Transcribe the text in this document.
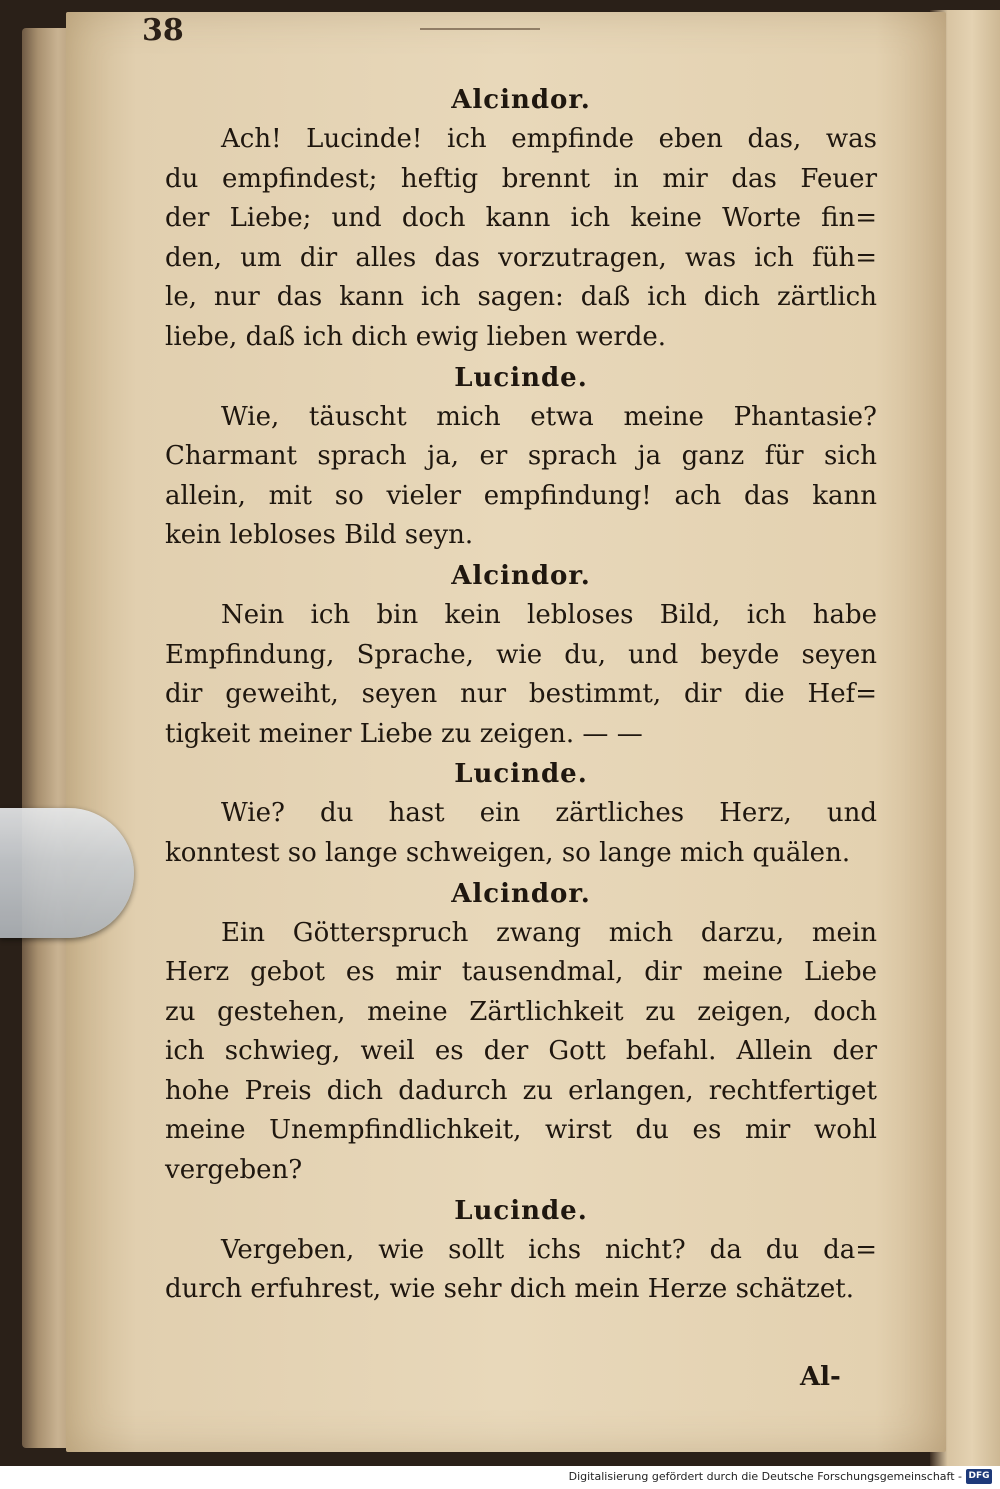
38
Alcindor.
Ach! Lucinde! ich empfinde eben das, was
du empfindest; heftig brennt in mir das Feuer
der Liebe; und doch kann ich keine Worte fin=
den, um dir alles das vorzutragen, was ich füh=
le, nur das kann ich sagen: daß ich dich zärtlich
liebe, daß ich dich ewig lieben werde.
Lucinde.
Wie, täuscht mich etwa meine Phantasie?
Charmant sprach ja, er sprach ja ganz für sich
allein, mit so vieler empfindung! ach das kann
kein lebloses Bild seyn.
Alcindor.
Nein ich bin kein lebloses Bild, ich habe
Empfindung, Sprache, wie du, und beyde seyen
dir geweiht, seyen nur bestimmt, dir die Hef=
tigkeit meiner Liebe zu zeigen. — —
Lucinde.
Wie? du hast ein zärtliches Herz, und
konntest so lange schweigen, so lange mich quälen.
Alcindor.
Ein Götterspruch zwang mich darzu, mein
Herz gebot es mir tausendmal, dir meine Liebe
zu gestehen, meine Zärtlichkeit zu zeigen, doch
ich schwieg, weil es der Gott befahl. Allein der
hohe Preis dich dadurch zu erlangen, rechtfertiget
meine Unempfindlichkeit, wirst du es mir wohl
vergeben?
Lucinde.
Vergeben, wie sollt ichs nicht? da du da=
durch erfuhrest, wie sehr dich mein Herze schätzet.
Al-
Digitalisierung gefördert durch die Deutsche Forschungsgemeinschaft - DFG
